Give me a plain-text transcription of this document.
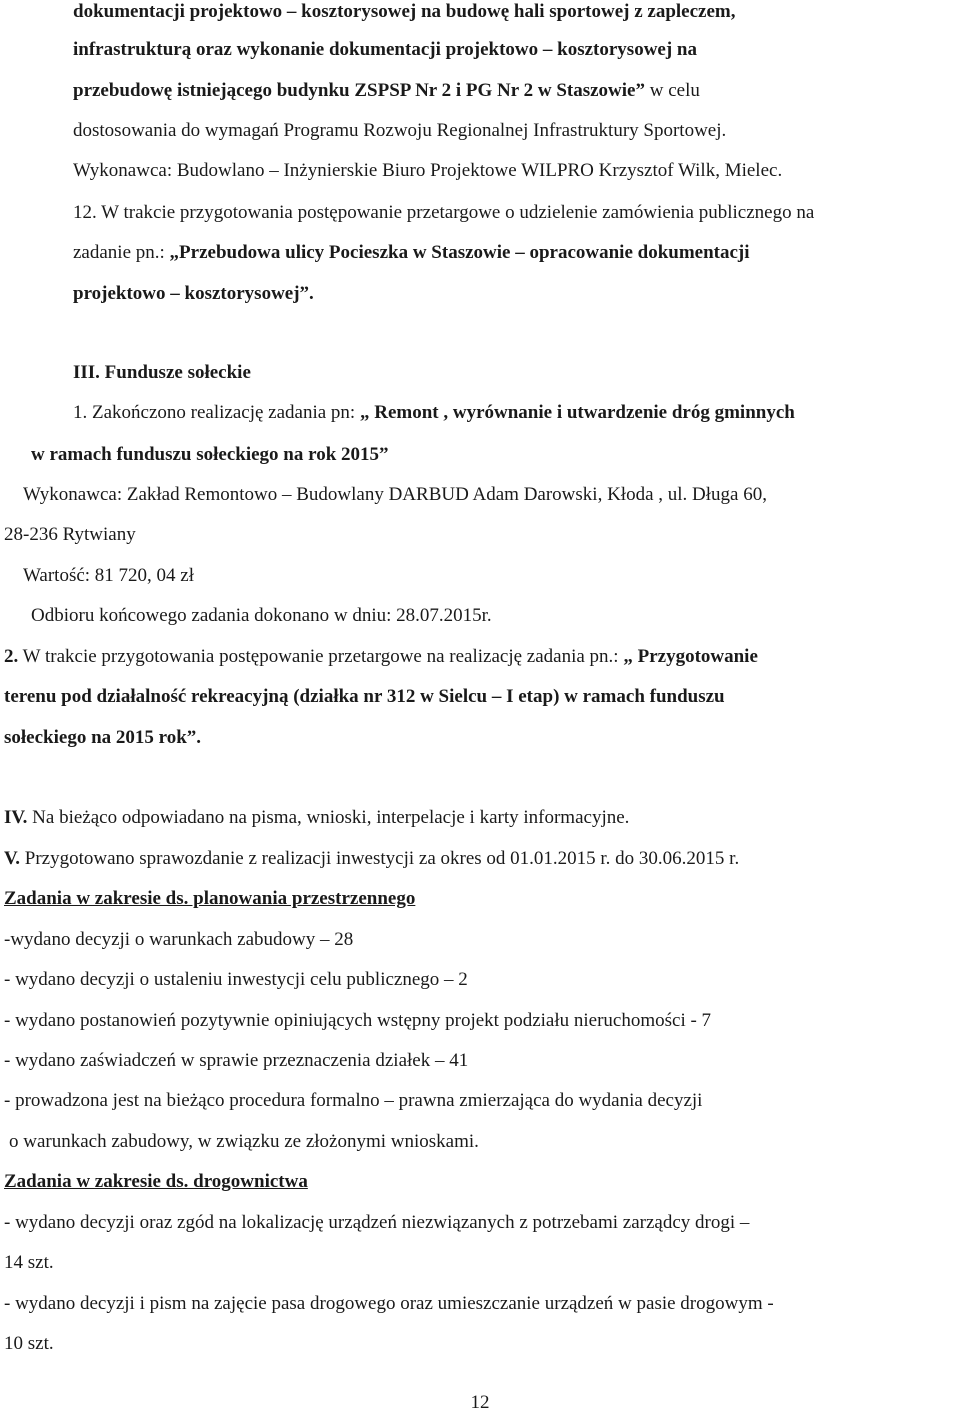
dokumentacji projektowo – kosztorysowej na budowę hali sportowej z zapleczem,
infrastrukturą oraz wykonanie dokumentacji projektowo – kosztorysowej na
przebudowę istniejącego budynku ZSPSP Nr 2 i PG Nr 2 w Staszowie” w celu
dostosowania do wymagań Programu Rozwoju Regionalnej Infrastruktury Sportowej.
Wykonawca: Budowlano – Inżynierskie Biuro Projektowe WILPRO Krzysztof Wilk, Mielec.
12. W trakcie przygotowania postępowanie przetargowe o udzielenie zamówienia publicznego na
zadanie pn.: „Przebudowa ulicy Pocieszka w Staszowie – opracowanie dokumentacji
projektowo – kosztorysowej”.
III. Fundusze sołeckie
1. Zakończono realizację zadania pn: „ Remont , wyrównanie i utwardzenie dróg gminnych
w ramach funduszu sołeckiego na rok 2015”
Wykonawca: Zakład Remontowo – Budowlany DARBUD Adam Darowski, Kłoda , ul. Długa 60,
28-236 Rytwiany
Wartość: 81 720, 04 zł
Odbioru końcowego zadania dokonano w dniu: 28.07.2015r.
2. W trakcie przygotowania postępowanie przetargowe na realizację zadania pn.: „ Przygotowanie
terenu pod działalność rekreacyjną (działka nr 312 w Sielcu – I etap) w ramach funduszu
sołeckiego na 2015 rok”.
IV. Na bieżąco odpowiadano na pisma, wnioski, interpelacje i karty informacyjne.
V. Przygotowano sprawozdanie z realizacji inwestycji za okres od 01.01.2015 r. do 30.06.2015 r.
Zadania w zakresie ds. planowania przestrzennego
-wydano decyzji o warunkach zabudowy – 28
- wydano decyzji o ustaleniu inwestycji celu publicznego – 2
- wydano postanowień pozytywnie opiniujących wstępny projekt podziału nieruchomości - 7
- wydano zaświadczeń w sprawie przeznaczenia działek – 41
- prowadzona jest na bieżąco procedura formalno – prawna zmierzająca do wydania decyzji
o warunkach zabudowy, w związku ze złożonymi wnioskami.
Zadania w zakresie ds. drogownictwa
- wydano decyzji oraz zgód na lokalizację urządzeń niezwiązanych z potrzebami zarządcy drogi –
14 szt.
- wydano decyzji i pism na zajęcie pasa drogowego oraz umieszczanie urządzeń w pasie drogowym -
10 szt.
12
